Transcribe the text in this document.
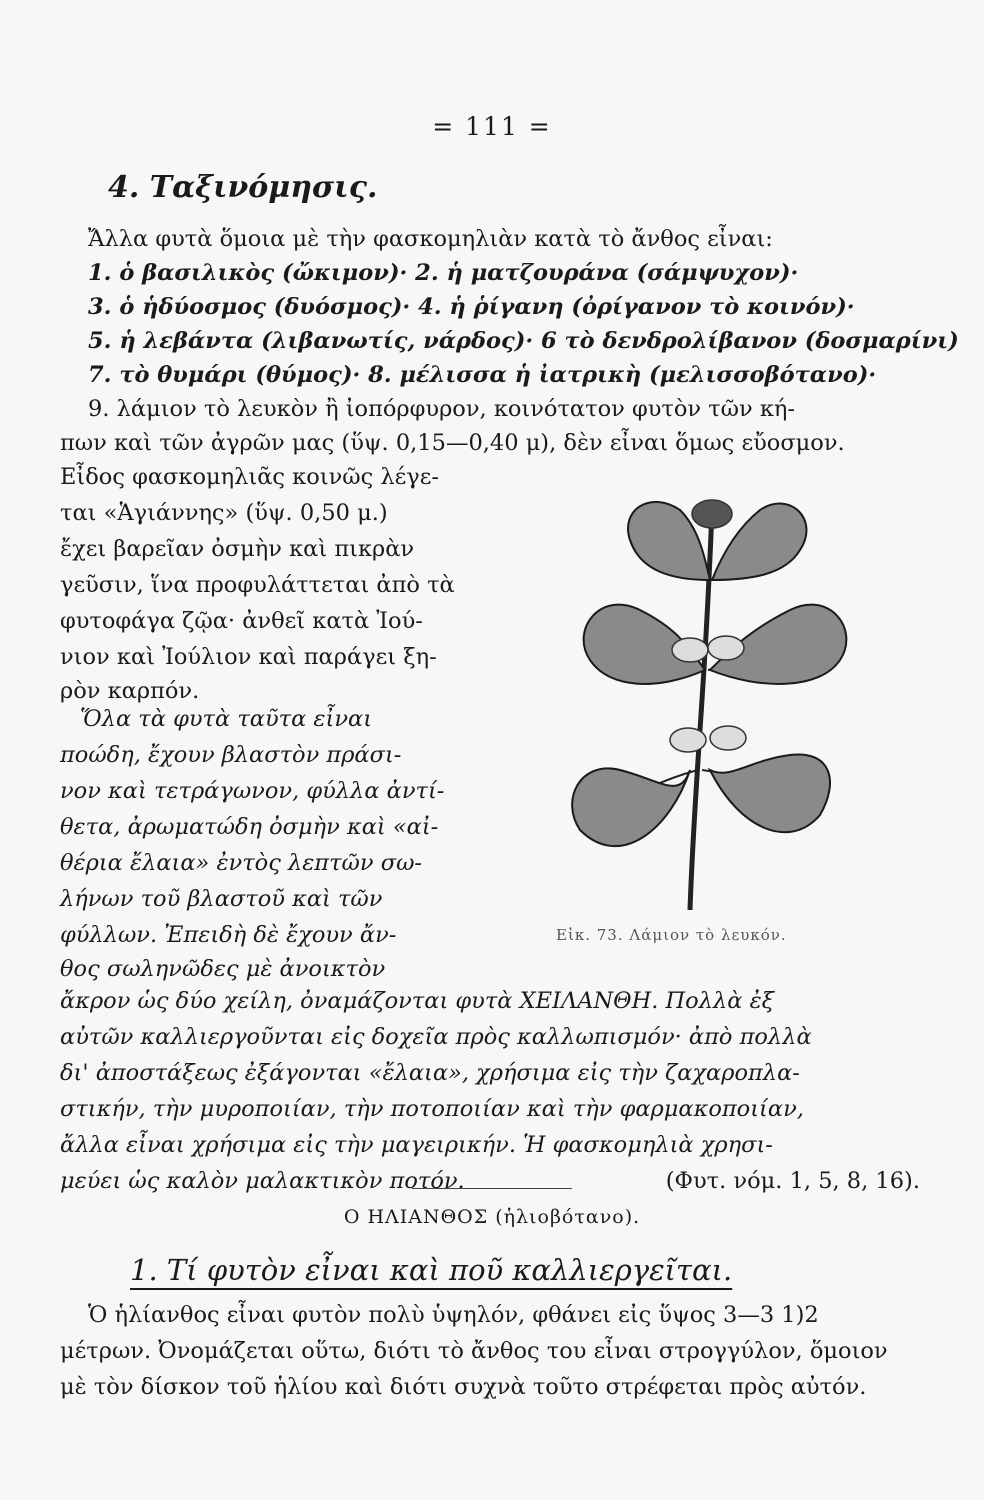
= 111 =
4. Ταξινόμησις.
Ἄλλα φυτὰ ὅμοια μὲ τὴν φασκομηλιὰν κατὰ τὸ ἄνθος εἶναι:
1. ὁ βασιλικὸς (ὤκιμον)· 2. ἡ ματζουράνα (σάμψυχον)·
3. ὁ ἡδύοσμος (δυόσμος)· 4. ἡ ῥίγανη (ὀρίγανον τὸ κοινόν)·
5. ἡ λεβάντα (λιβανωτίς, νάρδος)· 6 τὸ δενδρολίβανον (δοσμαρίνι)
7. τὸ θυμάρι (θύμος)· 8. μέλισσα ἡ ἰατρικὴ (μελισσοβότανο)·
9. λάμιον τὸ λευκὸν ἢ ἰοπόρφυρον, κοινότατον φυτὸν τῶν κή-
πων καὶ τῶν ἀγρῶν μας (ὕψ. 0,15—0,40 μ), δὲν εἶναι ὅμως εὔοσμον.
Εἶδος φασκομηλιᾶς κοινῶς λέγε-
ται «Ἁγιάννης» (ὕψ. 0,50 μ.)
ἔχει βαρεῖαν ὀσμὴν καὶ πικρὰν
γεῦσιν, ἵνα προφυλάττεται ἀπὸ τὰ
φυτοφάγα ζῷα· ἀνθεῖ κατὰ Ἰού-
νιον καὶ Ἰούλιον καὶ παράγει ξη-
ρὸν καρπόν.
Ὅλα τὰ φυτὰ ταῦτα εἶναι
ποώδη, ἔχουν βλαστὸν πράσι-
νον καὶ τετράγωνον, φύλλα ἀντί-
θετα, ἀρωματώδη ὀσμὴν καὶ «αἰ-
θέρια ἔλαια» ἐντὸς λεπτῶν σω-
λήνων τοῦ βλαστοῦ καὶ τῶν
φύλλων. Ἐπειδὴ δὲ ἔχουν ἄν-
θος σωληνῶδες μὲ ἀνοικτὸν
ἄκρον ὡς δύο χείλη, ὀναμάζονται φυτὰ ΧΕΙΛΑΝΘΗ. Πολλὰ ἐξ
αὐτῶν καλλιεργοῦνται εἰς δοχεῖα πρὸς καλλωπισμόν· ἀπὸ πολλὰ
δι' ἀποστάξεως ἐξάγονται «ἔλαια», χρήσιμα εἰς τὴν ζαχαροπλα-
στικήν, τὴν μυροποιίαν, τὴν ποτοποιίαν καὶ τὴν φαρμακοποιίαν,
ἄλλα εἶναι χρήσιμα εἰς τὴν μαγειρικήν. Ἡ φασκομηλιὰ χρησι-
μεύει ὡς καλὸν μαλακτικὸν ποτόν.	(Φυτ. νόμ. 1, 5, 8, 16).
Εἰκ. 73. Λάμιον τὸ λευκόν.
Ο ΗΛΙΑΝΘΟΣ (ἡλιοβότανο).
1. Τί φυτὸν εἶναι καὶ ποῦ καλλιεργεῖται.
Ὁ ἡλίανθος εἶναι φυτὸν πολὺ ὑψηλόν, φθάνει εἰς ὕψος 3—3 1)2
μέτρων. Ὀνομάζεται οὕτω, διότι τὸ ἄνθος του εἶναι στρογγύλον, ὅμοιον
μὲ τὸν δίσκον τοῦ ἡλίου καὶ διότι συχνὰ τοῦτο στρέφεται πρὸς αὐτόν.
